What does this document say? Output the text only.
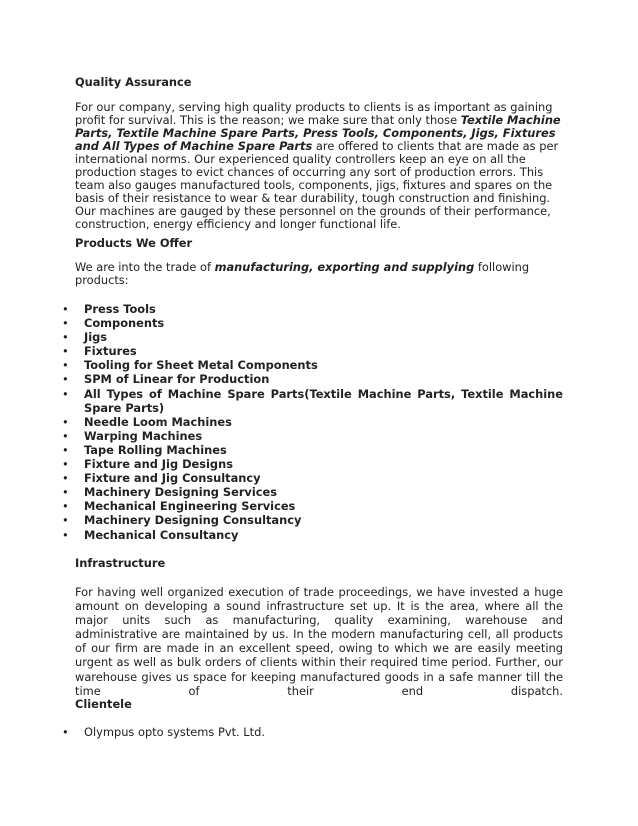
Quality Assurance

For our company, serving high quality products to clients is as important as gaining profit for survival. This is the reason; we make sure that only those Textile Machine Parts, Textile Machine Spare Parts, Press Tools, Components, Jigs, Fixtures and All Types of Machine Spare Parts are offered to clients that are made as per international norms. Our experienced quality controllers keep an eye on all the production stages to evict chances of occurring any sort of production errors. This team also gauges manufactured tools, components, jigs, fixtures and spares on the basis of their resistance to wear & tear durability, tough construction and finishing. Our machines are gauged by these personnel on the grounds of their performance, construction, energy efficiency and longer functional life.

Products We Offer

We are into the trade of manufacturing, exporting and supplying following products:

• Press Tools
• Components
• Jigs
• Fixtures
• Tooling for Sheet Metal Components
• SPM of Linear for Production
• All Types of Machine Spare Parts(Textile Machine Parts, Textile Machine Spare Parts)
• Needle Loom Machines
• Warping Machines
• Tape Rolling Machines
• Fixture and Jig Designs
• Fixture and Jig Consultancy
• Machinery Designing Services
• Mechanical Engineering Services
• Machinery Designing Consultancy
• Mechanical Consultancy
Infrastructure

For having well organized execution of trade proceedings, we have invested a huge amount on developing a sound infrastructure set up. It is the area, where all the major units such as manufacturing, quality examining, warehouse and administrative are maintained by us. In the modern manufacturing cell, all products of our firm are made in an excellent speed, owing to which we are easily meeting urgent as well as bulk orders of clients within their required time period. Further, our warehouse gives us space for keeping manufactured goods in a safe manner till the time of their end dispatch.

Clientele
• Olympus opto systems Pvt. Ltd.
